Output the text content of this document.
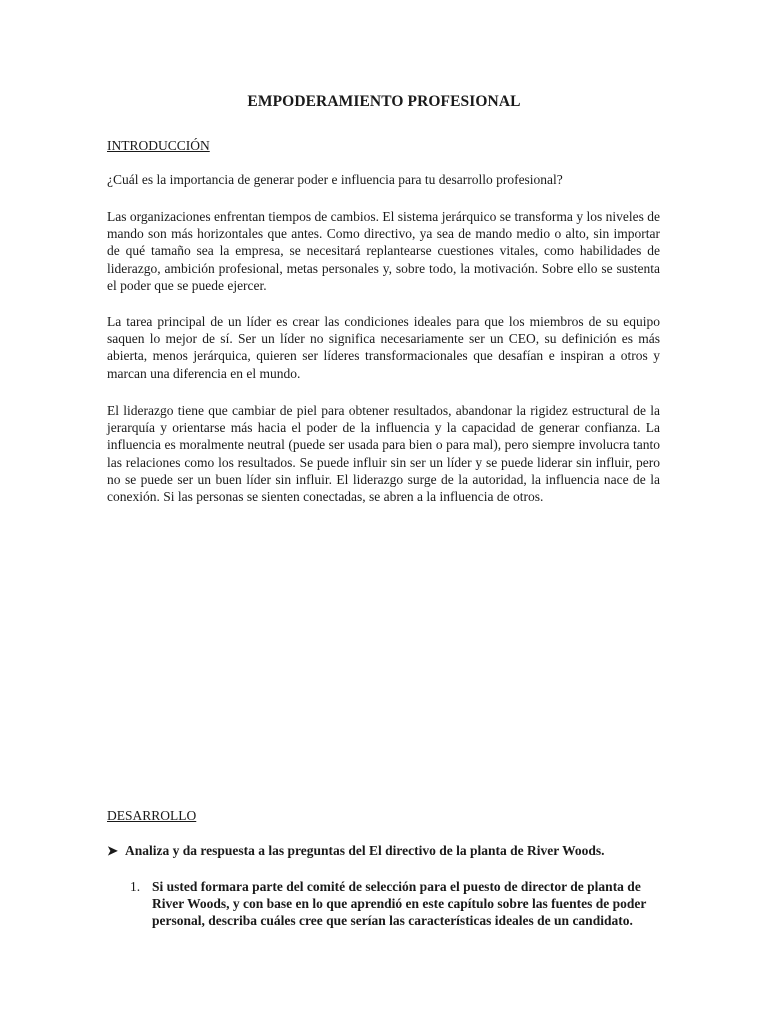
EMPODERAMIENTO PROFESIONAL

INTRODUCCIÓN

¿Cuál es la importancia de generar poder e influencia para tu desarrollo profesional?

Las organizaciones enfrentan tiempos de cambios. El sistema jerárquico se transforma y los niveles de mando son más horizontales que antes. Como directivo, ya sea de mando medio o alto, sin importar de qué tamaño sea la empresa, se necesitará replantearse cuestiones vitales, como habilidades de liderazgo, ambición profesional, metas personales y, sobre todo, la motivación. Sobre ello se sustenta el poder que se puede ejercer.

La tarea principal de un líder es crear las condiciones ideales para que los miembros de su equipo saquen lo mejor de sí. Ser un líder no significa necesariamente ser un CEO, su definición es más abierta, menos jerárquica, quieren ser líderes transformacionales que desafían e inspiran a otros y marcan una diferencia en el mundo.

El liderazgo tiene que cambiar de piel para obtener resultados, abandonar la rigidez estructural de la jerarquía y orientarse más hacia el poder de la influencia y la capacidad de generar confianza. La influencia es moralmente neutral (puede ser usada para bien o para mal), pero siempre involucra tanto las relaciones como los resultados. Se puede influir sin ser un líder y se puede liderar sin influir, pero no se puede ser un buen líder sin influir. El liderazgo surge de la autoridad, la influencia nace de la conexión. Si las personas se sienten conectadas, se abren a la influencia de otros.

DESARROLLO

➤ Analiza y da respuesta a las preguntas del El directivo de la planta de River Woods.
1. Si usted formara parte del comité de selección para el puesto de director de planta de River Woods, y con base en lo que aprendió en este capítulo sobre las fuentes de poder personal, describa cuáles cree que serían las características ideales de un candidato.
